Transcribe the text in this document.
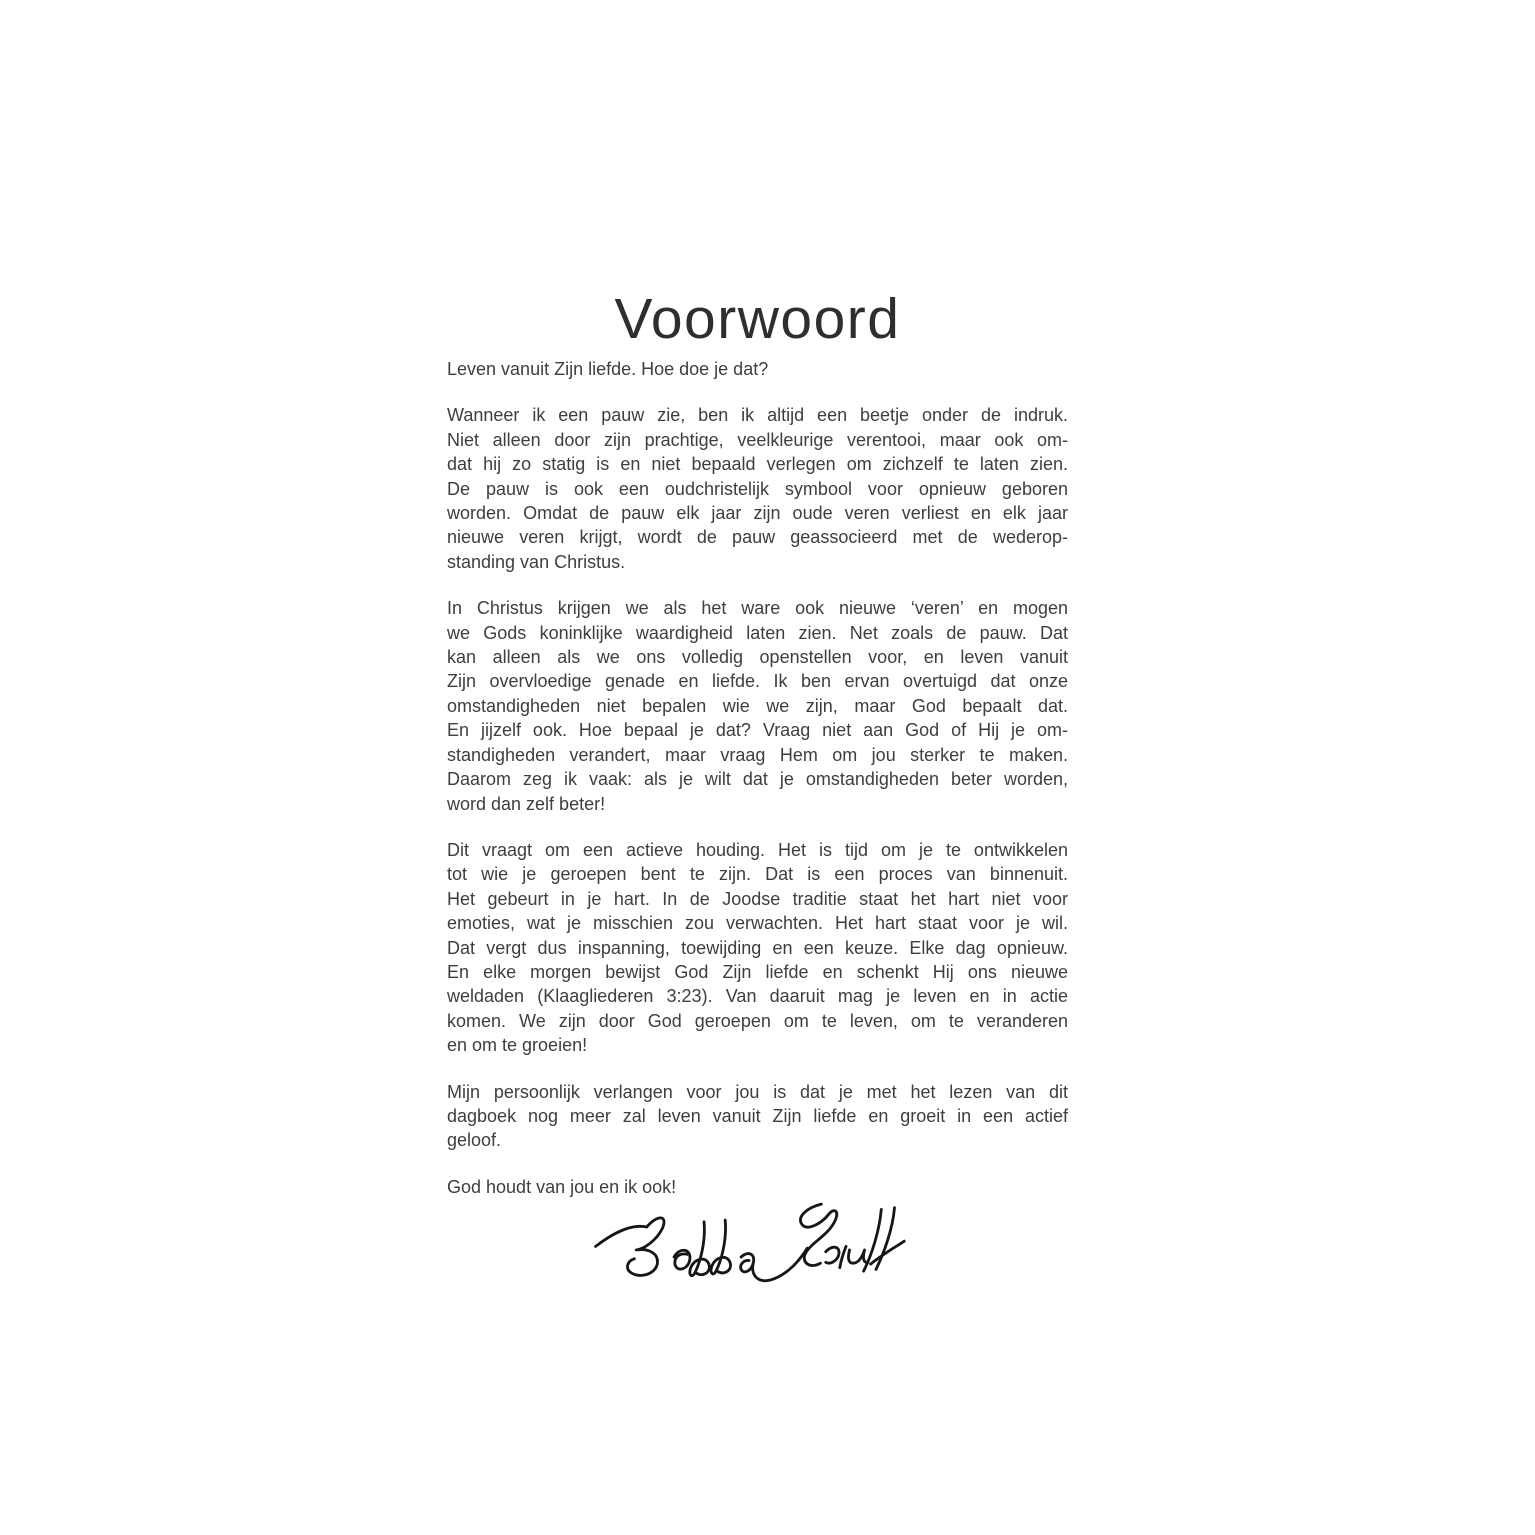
Voorwoord
Leven vanuit Zijn liefde. Hoe doe je dat?
Wanneer ik een pauw zie, ben ik altijd een beetje onder de indruk.
Niet alleen door zijn prachtige, veelkleurige verentooi, maar ook om-
dat hij zo statig is en niet bepaald verlegen om zichzelf te laten zien.
De pauw is ook een oudchristelijk symbool voor opnieuw geboren
worden. Omdat de pauw elk jaar zijn oude veren verliest en elk jaar
nieuwe veren krijgt, wordt de pauw geassocieerd met de wederop-
standing van Christus.
In Christus krijgen we als het ware ook nieuwe ‘veren’ en mogen
we Gods koninklijke waardigheid laten zien. Net zoals de pauw. Dat
kan alleen als we ons volledig openstellen voor, en leven vanuit
Zijn overvloedige genade en liefde. Ik ben ervan overtuigd dat onze
omstandigheden niet bepalen wie we zijn, maar God bepaalt dat.
En jijzelf ook. Hoe bepaal je dat? Vraag niet aan God of Hij je om-
standigheden verandert, maar vraag Hem om jou sterker te maken.
Daarom zeg ik vaak: als je wilt dat je omstandigheden beter worden,
word dan zelf beter!
Dit vraagt om een actieve houding. Het is tijd om je te ontwikkelen
tot wie je geroepen bent te zijn. Dat is een proces van binnenuit.
Het gebeurt in je hart. In de Joodse traditie staat het hart niet voor
emoties, wat je misschien zou verwachten. Het hart staat voor je wil.
Dat vergt dus inspanning, toewijding en een keuze. Elke dag opnieuw.
En elke morgen bewijst God Zijn liefde en schenkt Hij ons nieuwe
weldaden (Klaagliederen 3:23). Van daaruit mag je leven en in actie
komen. We zijn door God geroepen om te leven, om te veranderen
en om te groeien!
Mijn persoonlijk verlangen voor jou is dat je met het lezen van dit
dagboek nog meer zal leven vanuit Zijn liefde en groeit in een actief
geloof.
God houdt van jou en ik ook!
